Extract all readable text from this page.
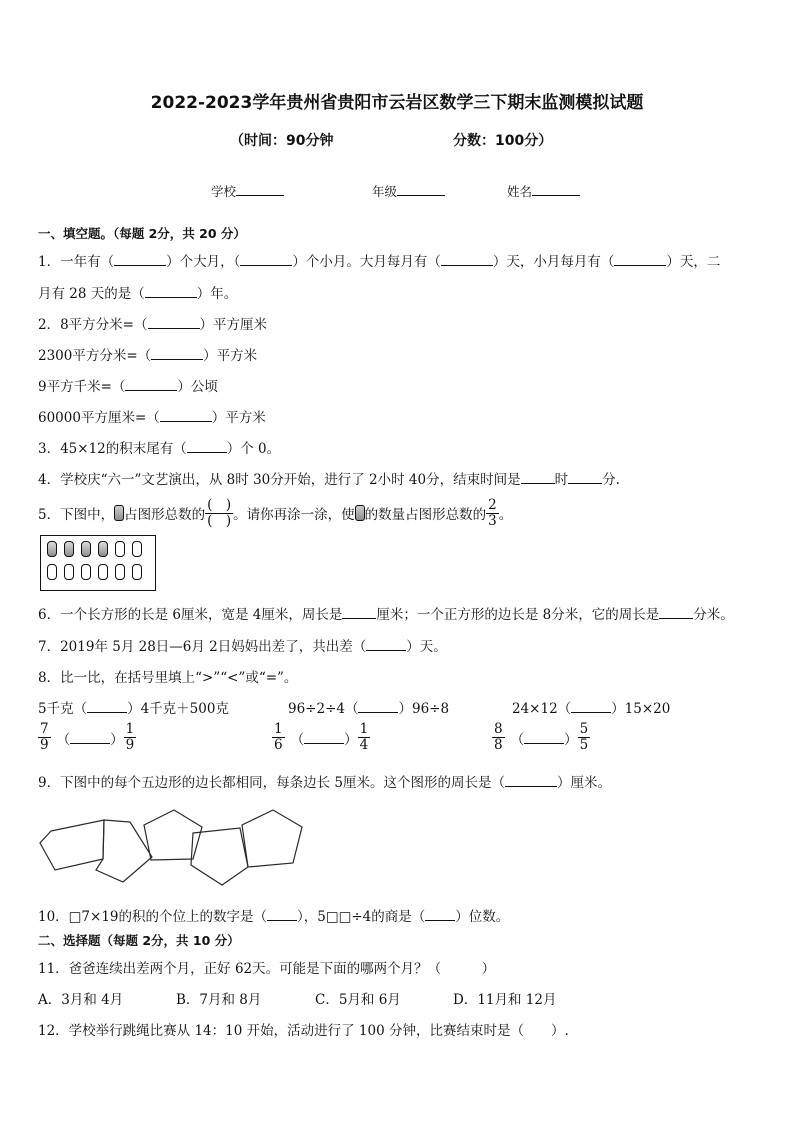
2022-2023学年贵州省贵阳市云岩区数学三下期末监测模拟试题
（时间：90分钟	分数：100分）
学校	年级	姓名
一、填空题。（每题 2分，共 20 分）
1．一年有（	）个大月，（	）个小月。大月每月有（	）天，小月每月有（	）天，二
月有 28 天的是（	）年。
2．8平方分米=（	）平方厘米
2300平方分米=（	）平方米
9平方千米=（	）公顷
60000平方厘米=（	）平方米
3．45×12的积末尾有（	）个 0。
4．学校庆“六一”文艺演出，从 8时 30分开始，进行了 2小时 40分，结束时间是	时	分.
5．下图中， 占图形总数的 $\frac{( )}{( )}$ 。请你再涂一涂，使 的数量占图形总数的 $\frac{2}{3}$ 。
6．一个长方形的长是 6厘米，宽是 4厘米，周长是	厘米；一个正方形的边长是 8分米，它的周长是	分米。
7．2019年 5月 28日—6月 2日妈妈出差了，共出差（	）天。
8．比一比，在括号里填上“>”“<”或“=”。
5千克（	）4千克＋500克	96÷2÷4（	）96÷8	24×12（	）15×20
$\frac{7}{9}$ （	） $\frac{1}{9}$	$\frac{1}{6}$ （	） $\frac{1}{4}$	$\frac{8}{8}$ （	） $\frac{5}{5}$
9．下图中的每个五边形的边长都相同，每条边长 5厘米。这个图形的周长是（	）厘米。
10．□7×19的积的个位上的数字是（ ），5□□÷4的商是（ ）位数。
二、选择题（每题 2分，共 10 分）
11．爸爸连续出差两个月，正好 62天。可能是下面的哪两个月？（　　　）
A．3月和 4月	B．7月和 8月	C．5月和 6月	D．11月和 12月
12．学校举行跳绳比赛从 14：10 开始，活动进行了 100 分钟，比赛结束时是（　　）.
